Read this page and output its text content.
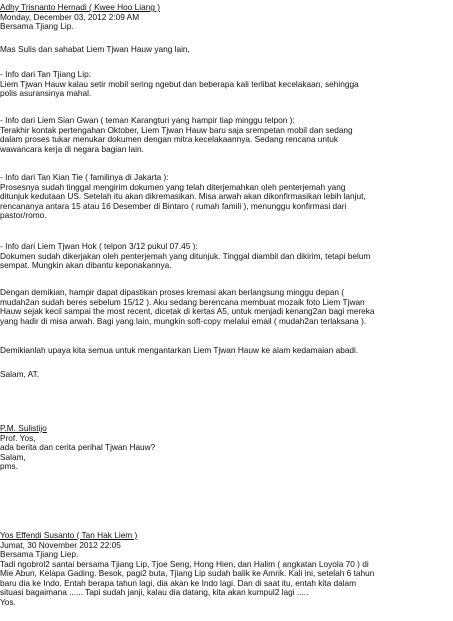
Adhy Trisnanto Hernadi ( Kwee Hoo Liang )
Monday, December 03, 2012 2:09 AM
Bersama Tjiang Lip.
Mas Sulis dan sahabat Liem Tjwan Hauw yang lain,
- Info dari Tan Tjiang Lip:
Liem Tjwan Hauw kalau setir mobil sering ngebut dan beberapa kali terlibat kecelakaan, sehingga
polis asuransinya mahal.
- Info dari Liem Sian Gwan ( teman Karangturi yang hampir tiap minggu telpon ):
Terakhir kontak pertengahan Oktober, Liem Tjwan Hauw baru saja srempetan mobil dan sedang
dalam proses tukar menukar dokumen dengan mitra kecelakaannya. Sedang rencana untuk
wawancara kerja di negara bagian lain.
- Info dari Tan Kian Tie ( familinya di Jakarta ):
Prosesnya sudah tinggal mengirim dokumen yang telah diterjemahkan oleh penterjemah yang
ditunjuk kedutaan US. Setelah itu akan dikremasikan. Misa arwah akan dikonfirmasikan lebih lanjut,
rencananya antara 15 atau 16 Desember di Bintaro ( rumah famili ), menunggu konfirmasi dari
pastor/romo.
- Info dari Liem Tjwan Hok ( telpon 3/12 pukul 07.45 ):
Dokumen sudah dikerjakan oleh penterjemah yang ditunjuk. Tinggal diambil dan dikirim, tetapi belum
sempat. Mungkin akan dibantu keponakannya.
Dengan demikian, hampir dapat dipastikan proses kremasi akan berlangsung minggu depan (
mudah2an sudah beres sebelum 15/12 ). Aku sedang berencana membuat mozaik foto Liem Tjwan
Hauw sejak kecil sampai the most recent, dicetak di kertas A5, untuk menjadi kenang2an bagi mereka
yang hadir di misa arwah. Bagi yang lain, mungkin soft-copy melalui email ( mudah2an terlaksana ).
Demikianlah upaya kita semua untuk mengantarkan Liem Tjwan Hauw ke alam kedamaian abadi.
Salam, AT.
P.M. Sulistijo
Prof. Yos,
ada berita dan cerita perihal Tjwan Hauw?
Salam,
pms.
Yos Effendi Susanto ( Tan Hak Liem )
Jumat, 30 November 2012 22:05
Bersama Tjiang Liep.
Tadi ngobrol2 santai bersama Tjiang Lip, Tjoe Seng, Hong Hien, dan Halim ( angkatan Loyola 70 ) di
Mie Abun, Kelapa Gading. Besok, pagi2 buta, Tjiang Lip sudah balik ke Amrik. Kali ini, setelah 6 tahun
baru dia ke Indo. Entah berapa tahun lagi, dia akan ke Indo lagi. Dan di saat itu, entah kita dalam
situasi bagaimana ...... Tapi sudah janji, kalau dia datang, kita akan kumpul2 lagi .....
Yos.
